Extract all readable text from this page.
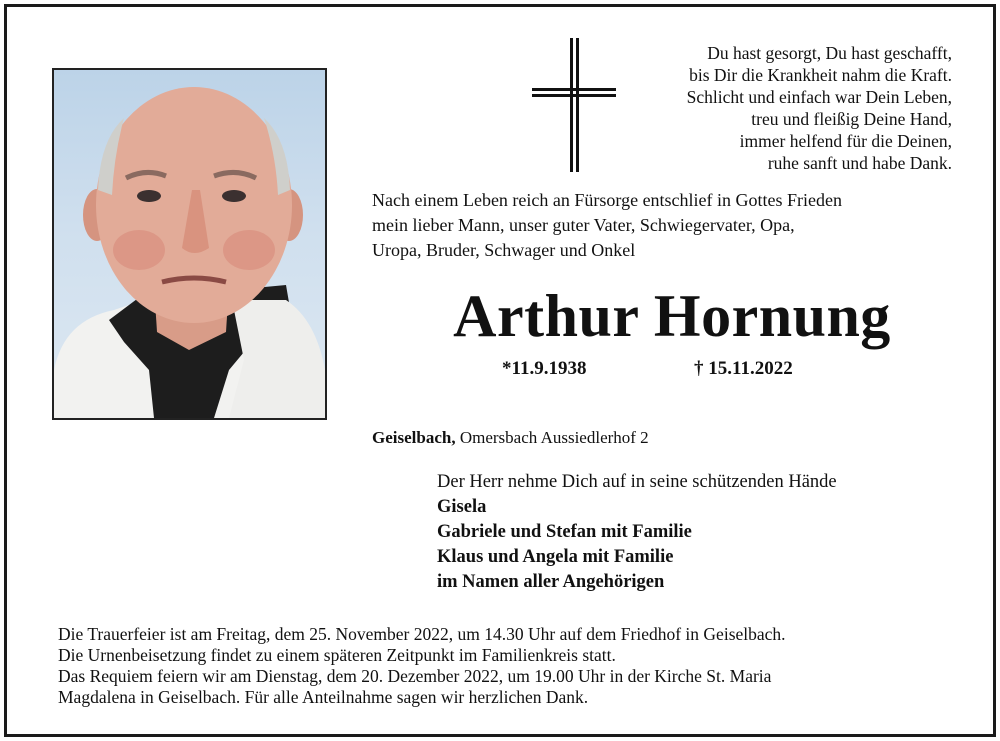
Du hast gesorgt, Du hast geschafft,
bis Dir die Krankheit nahm die Kraft.
Schlicht und einfach war Dein Leben,
treu und fleißig Deine Hand,
immer helfend für die Deinen,
ruhe sanft und habe Dank.
Nach einem Leben reich an Fürsorge entschlief in Gottes Frieden
mein lieber Mann, unser guter Vater, Schwiegervater, Opa,
Uropa, Bruder, Schwager und Onkel
Arthur Hornung
*11.9.1938	† 15.11.2022
Geiselbach, Omersbach Aussiedlerhof 2
Der Herr nehme Dich auf in seine schützenden Hände
Gisela
Gabriele und Stefan mit Familie
Klaus und Angela mit Familie
im Namen aller Angehörigen
Die Trauerfeier ist am Freitag, dem 25. November 2022, um 14.30 Uhr auf dem Friedhof in Geiselbach.
Die Urnenbeisetzung findet zu einem späteren Zeitpunkt im Familienkreis statt.
Das Requiem feiern wir am Dienstag, dem 20. Dezember 2022, um 19.00 Uhr in der Kirche St. Maria
Magdalena in Geiselbach. Für alle Anteilnahme sagen wir herzlichen Dank.
